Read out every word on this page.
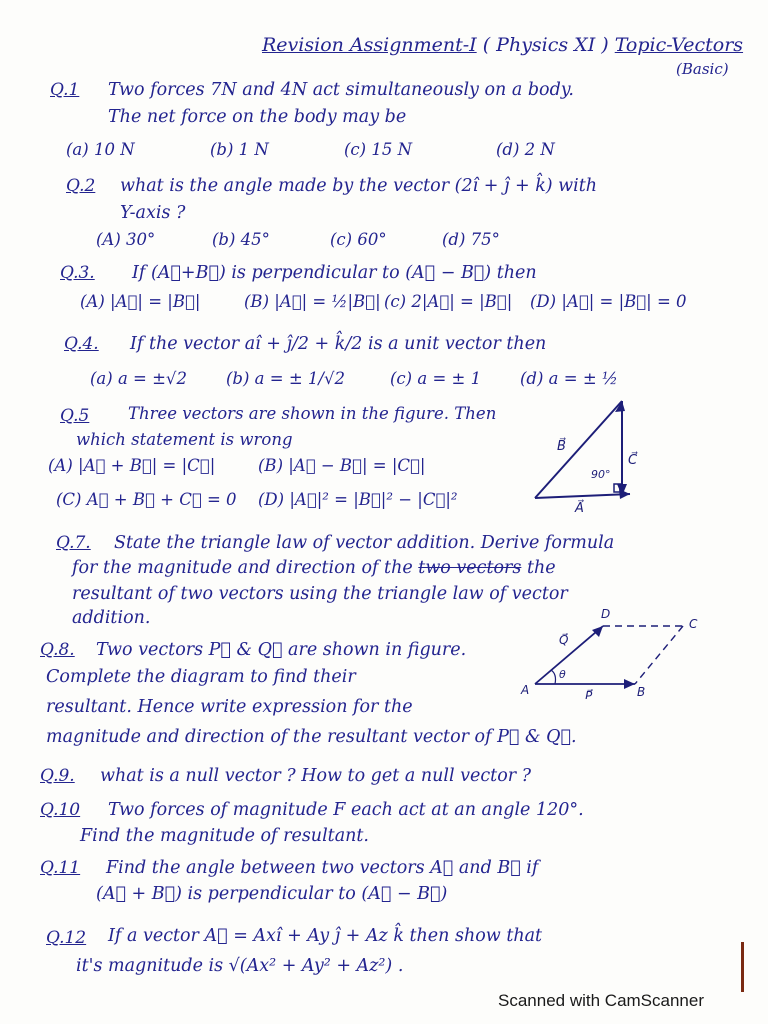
Revision Assignment-I ( Physics XI ) Topic-Vectors
(Basic)
Q.1 Two forces 7N and 4N act simultaneously on a body.
The net force on the body may be
(a) 10 N	(b) 1 N	(c) 15 N	(d) 2 N
Q.2 what is the angle made by the vector (2î + ĵ + k̂) with
Y-axis ?
(A) 30°	(b) 45°	(c) 60°	(d) 75°
Q.3. If (A⃗+B⃗) is perpendicular to (A⃗ − B⃗) then
(A) |A⃗| = |B⃗|	(B) |A⃗| = ½|B⃗| (c) 2|A⃗| = |B⃗| (D) |A⃗| = |B⃗| = 0
Q.4. If the vector aî + ĵ/2 + k̂/2 is a unit vector then
(a) a = ±√2 (b) a = ± 1/√2	(c) a = ± 1 (d) a = ± ½
Q.5 Three vectors are shown in the figure. Then
which statement is wrong
(A) |A⃗ + B⃗| = |C⃗|	(B) |A⃗ − B⃗| = |C⃗|
(C) A⃗ + B⃗ + C⃗ = 0 (D) |A⃗|² = |B⃗|² − |C⃗|²
B⃗
C⃗
A⃗
90°
Q.7. State the triangle law of vector addition. Derive formula
for the magnitude and direction of the two vectors the
resultant of two vectors using the triangle law of vector
addition.
Q.8. Two vectors P⃗ & Q⃗ are shown in figure.
Complete the diagram to find their
resultant. Hence write expression for the
magnitude and direction of the resultant vector of P⃗ & Q⃗.
D
C
A	B
Q⃗
P⃗
θ
Q.9. what is a null vector ? How to get a null vector ?
Q.10 Two forces of magnitude F each act at an angle 120°.
Find the magnitude of resultant.
Q.11 Find the angle between two vectors A⃗ and B⃗ if
(A⃗ + B⃗) is perpendicular to (A⃗ − B⃗)
Q.12 If a vector A⃗ = Axî + Ay ĵ + Az k̂ then show that
it's magnitude is √(Ax² + Ay² + Az²) .
Scanned with CamScanner
